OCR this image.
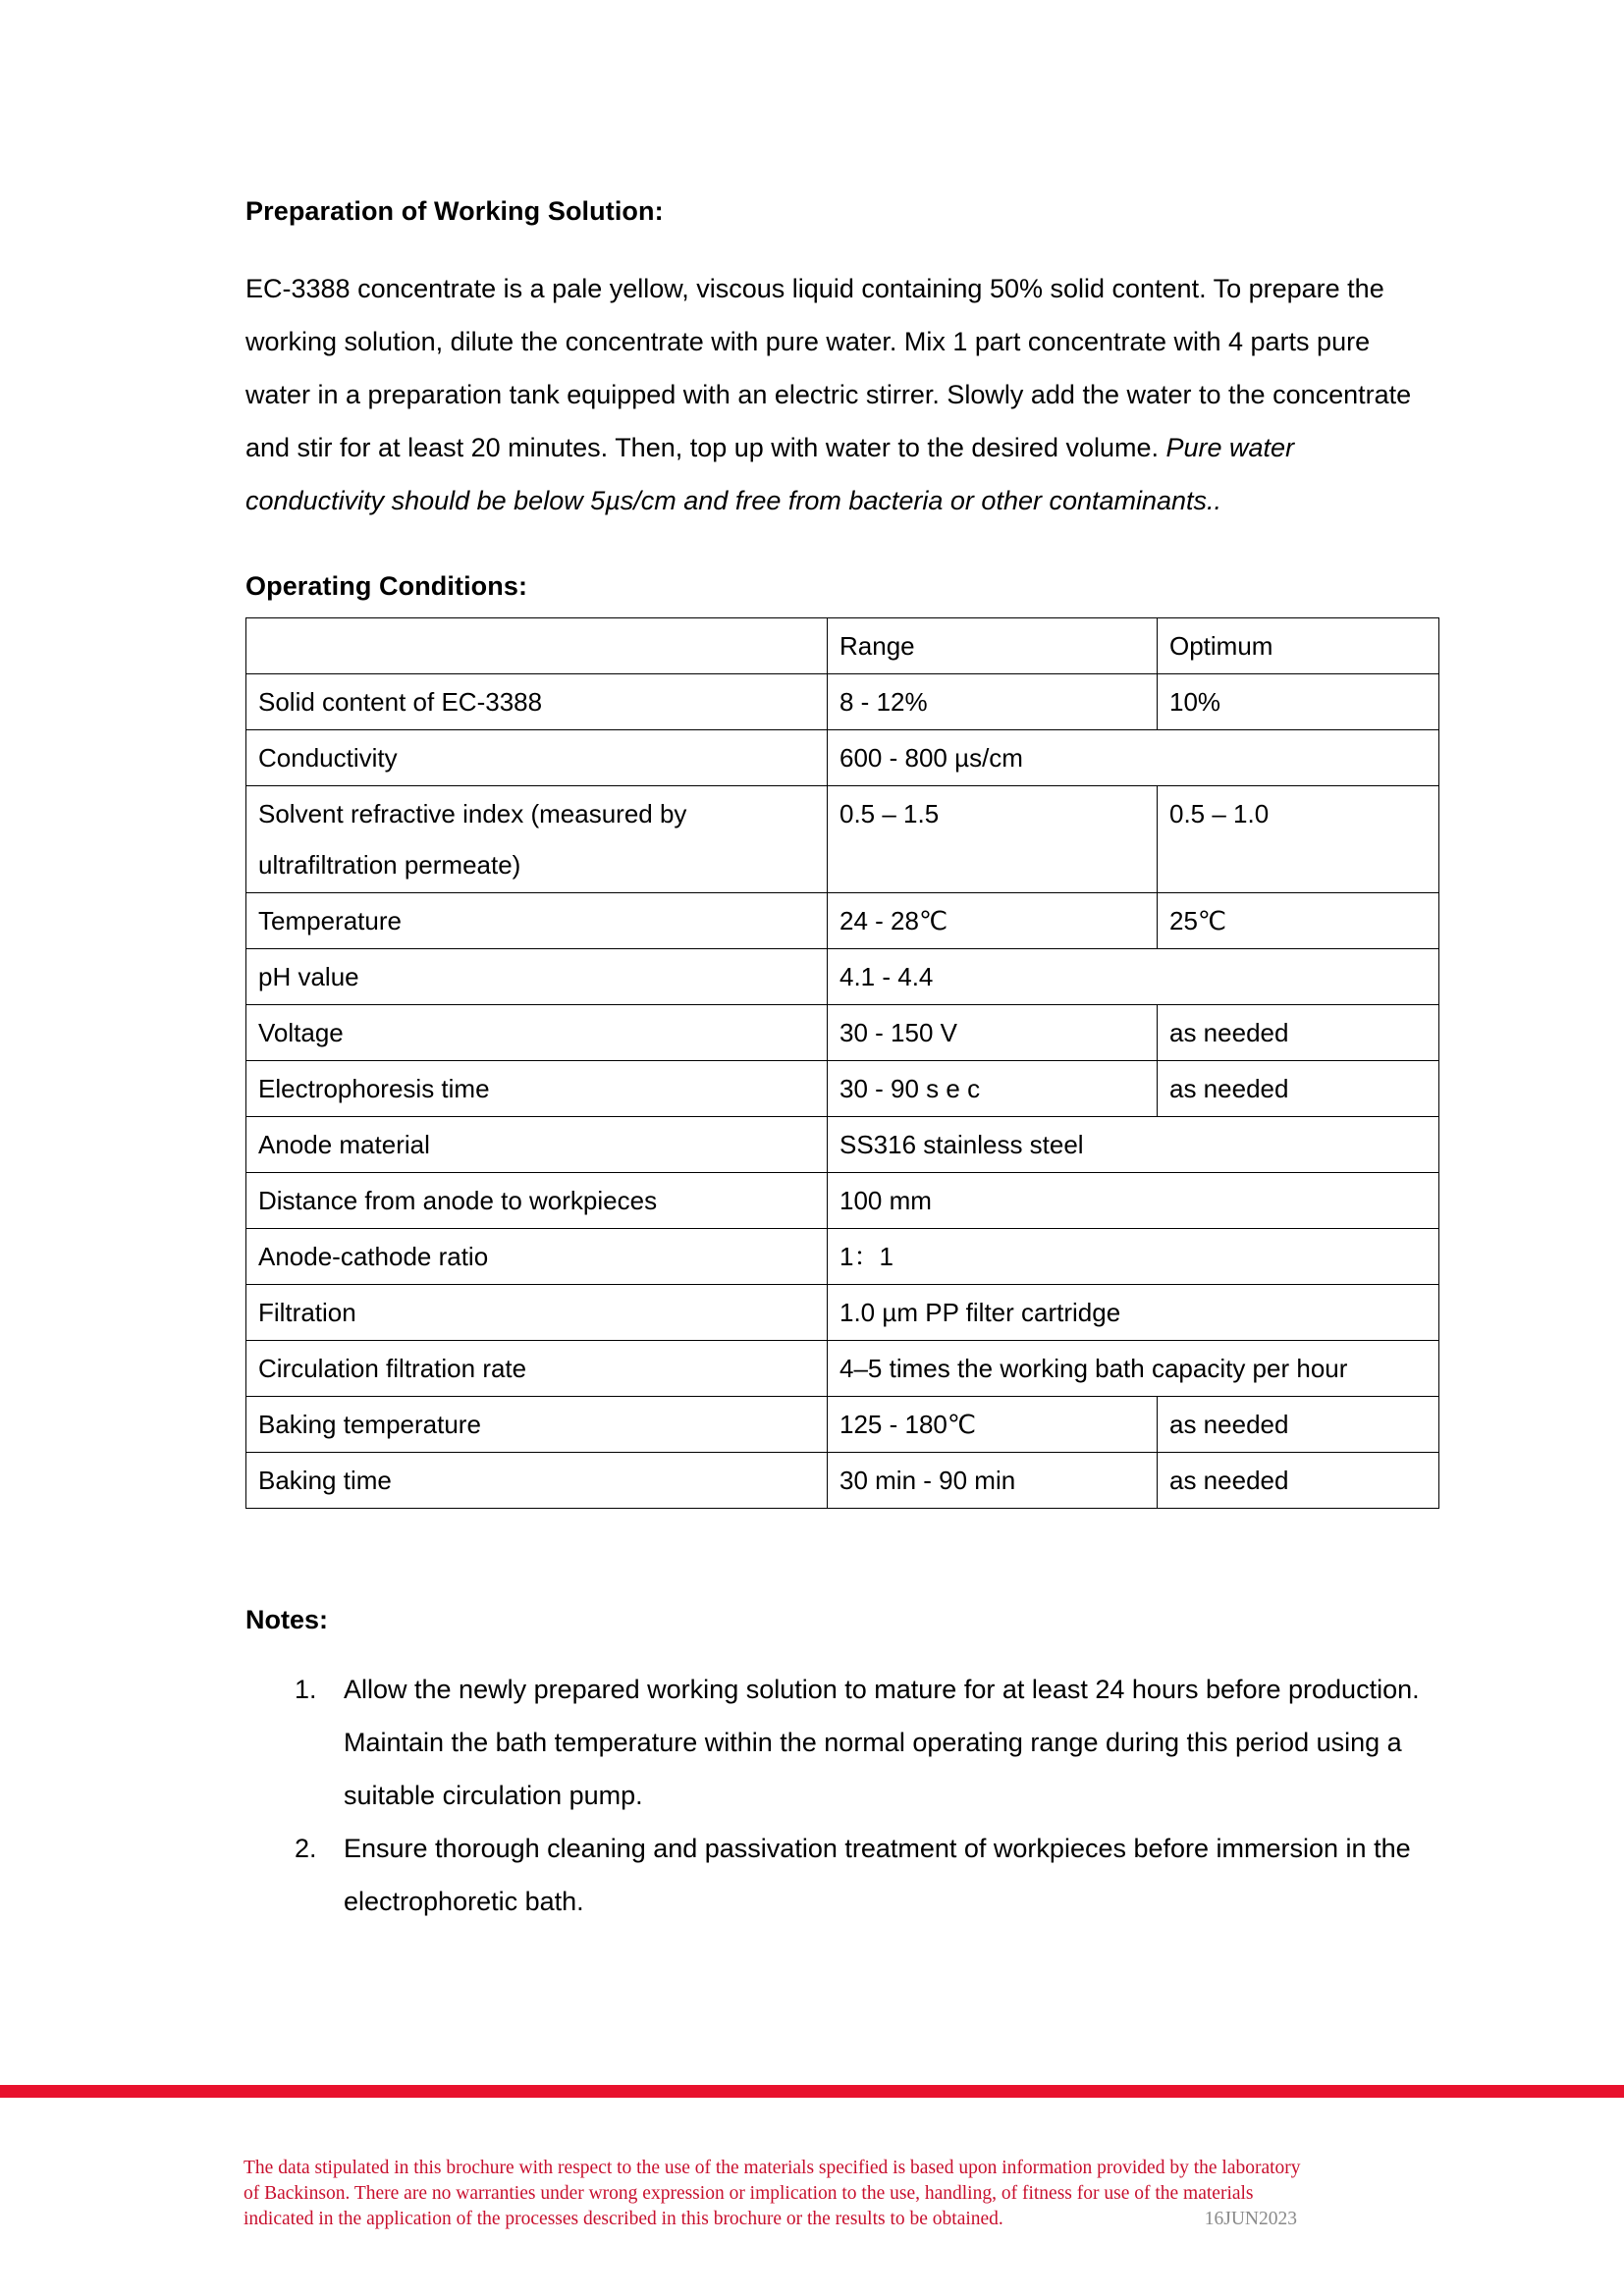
Preparation of Working Solution:

EC-3388 concentrate is a pale yellow, viscous liquid containing 50% solid content. To prepare the working solution, dilute the concentrate with pure water. Mix 1 part concentrate with 4 parts pure water in a preparation tank equipped with an electric stirrer. Slowly add the water to the concentrate and stir for at least 20 minutes. Then, top up with water to the desired volume. Pure water conductivity should be below 5µs/cm and free from bacteria or other contaminants..

Operating Conditions:
	Range	Optimum
Solid content of EC-3388	8 - 12%	10%
Conductivity	600 - 800 µs/cm	
Solvent refractive index (measured by ultrafiltration permeate)	0.5 – 1.5	0.5 – 1.0
Temperature	24 - 28℃	25℃
pH value	4.1 - 4.4	
Voltage	30 - 150 V	as needed
Electrophoresis time	30 - 90 s e c	as needed
Anode material	SS316 stainless steel	
Distance from anode to workpieces	100 mm	
Anode-cathode ratio	1：1	
Filtration	1.0 µm PP filter cartridge	
Circulation filtration rate	4–5 times the working bath capacity per hour	
Baking temperature	125 - 180℃	as needed
Baking time	30 min - 90 min	as needed
Notes:
Allow the newly prepared working solution to mature for at least 24 hours before production. Maintain the bath temperature within the normal operating range during this period using a suitable circulation pump.
Ensure thorough cleaning and passivation treatment of workpieces before immersion in the electrophoretic bath.

The data stipulated in this brochure with respect to the use of the materials specified is based upon information provided by the laboratory

of Backinson. There are no warranties under wrong expression or implication to the use, handling, of fitness for use of the materials

indicated in the application of the processes described in this brochure or the results to be obtained.	16JUN2023
